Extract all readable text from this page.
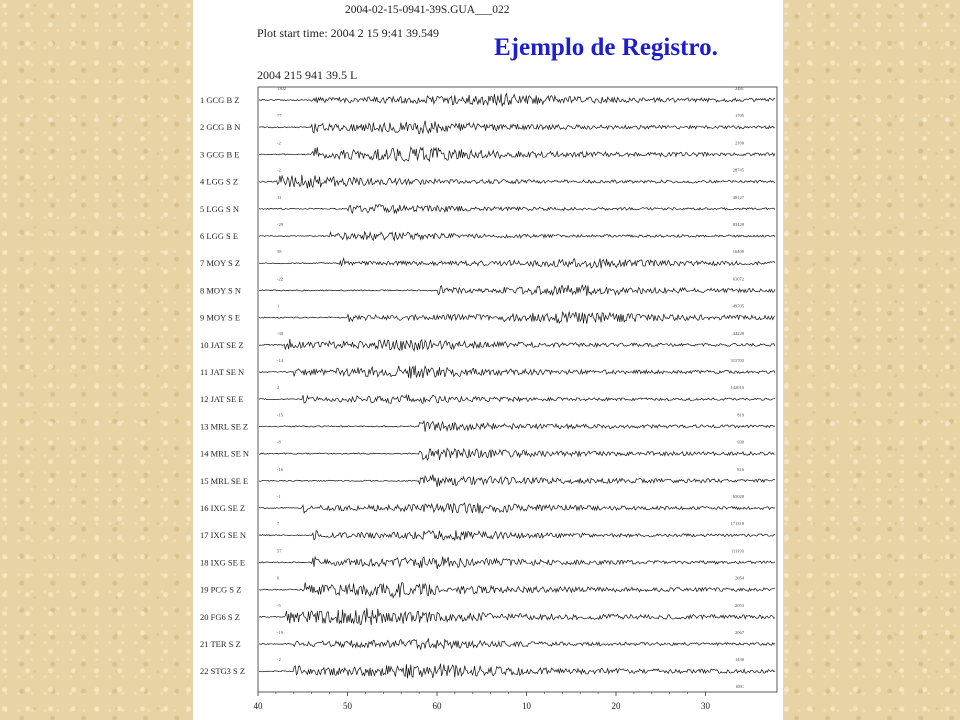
2004-02-15-0941-39S.GUA___022
Plot start time: 2004 2 15 9:41 39.549
2004 215 941 39.5 L
1 GCG B Z
1302	2481
2 GCG B N
77	1705
3 GCG B E
-2	2100
4 LGG S Z
-2	28745
5 LGG S N
11	48127
6 LGG S E
-29	83428
7 MOY S Z
58	16409
8 MOY S N
-22	63072
9 MOY S E
1	49705
10 JAT SE Z
-30	44228
11 JAT SE N
-14	315703
12 JAT SE E
2	142010
13 MRL SE Z
-15	819
14 MRL SE N
-8	930
15 MRL SE E
-16	816
16 IXG SE Z
-1	65028
17 IXG SE N
7	171318
18 IXG SE E
57	111193
19 PCG S Z
6	2054
20 FG6 S Z
-5	2053
21 TER S Z
-19	2067
22 STG3 S Z
-2	1430
40	50	60	10	20	30
SEC
Ejemplo de Registro.
